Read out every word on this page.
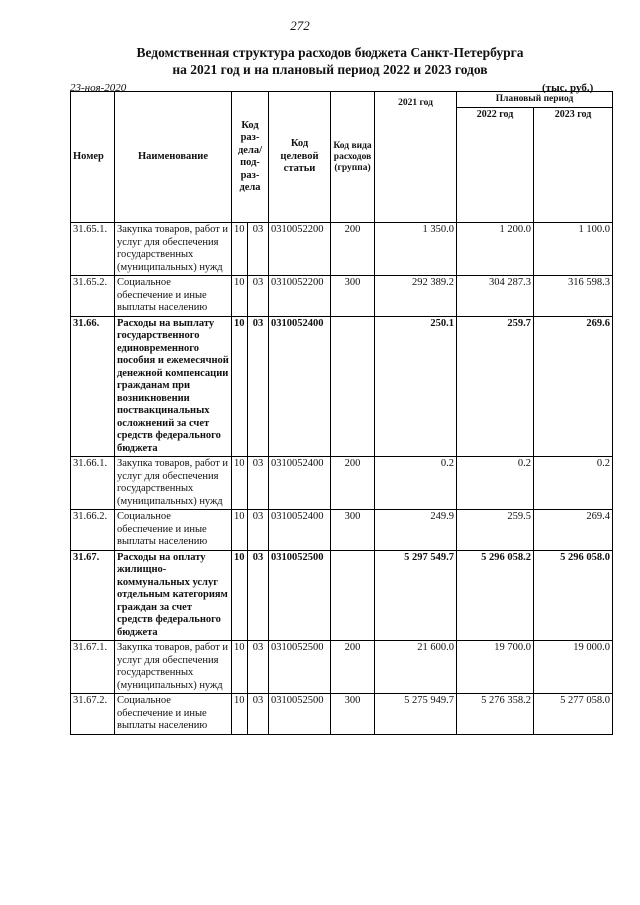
272
Ведомственная структура расходов бюджета Санкт-Петербурга
на 2021 год и на плановый период 2022 и 2023 годов
23-ноя-2020	(тыс. руб.)
Номер	Наименование	Код раз- дела/ под- раз- дела		Код целевой статьи	Код вида расходов (группа)	2021 год	Плановый период	
							2022 год	2023 год
31.65.1.	Закупка товаров, работ и услуг для обеспечения государственных (муниципальных) нужд	10	03	0310052200	200	1 350.0	1 200.0	1 100.0
31.65.2.	Социальное обеспечение и иные выплаты населению	10	03	0310052200	300	292 389.2	304 287.3	316 598.3
31.66.	Расходы на выплату государственного единовременного пособия и ежемесячной денежной компенсации гражданам при возникновении поствакцинальных осложнений за счет средств федерального бюджета	10	03	0310052400		250.1	259.7	269.6
31.66.1.	Закупка товаров, работ и услуг для обеспечения государственных (муниципальных) нужд	10	03	0310052400	200	0.2	0.2	0.2
31.66.2.	Социальное обеспечение и иные выплаты населению	10	03	0310052400	300	249.9	259.5	269.4
31.67.	Расходы на оплату жилищно-коммунальных услуг отдельным категориям граждан за счет средств федерального бюджета	10	03	0310052500		5 297 549.7	5 296 058.2	5 296 058.0
31.67.1.	Закупка товаров, работ и услуг для обеспечения государственных (муниципальных) нужд	10	03	0310052500	200	21 600.0	19 700.0	19 000.0
31.67.2.	Социальное обеспечение и иные выплаты населению	10	03	0310052500	300	5 275 949.7	5 276 358.2	5 277 058.0
